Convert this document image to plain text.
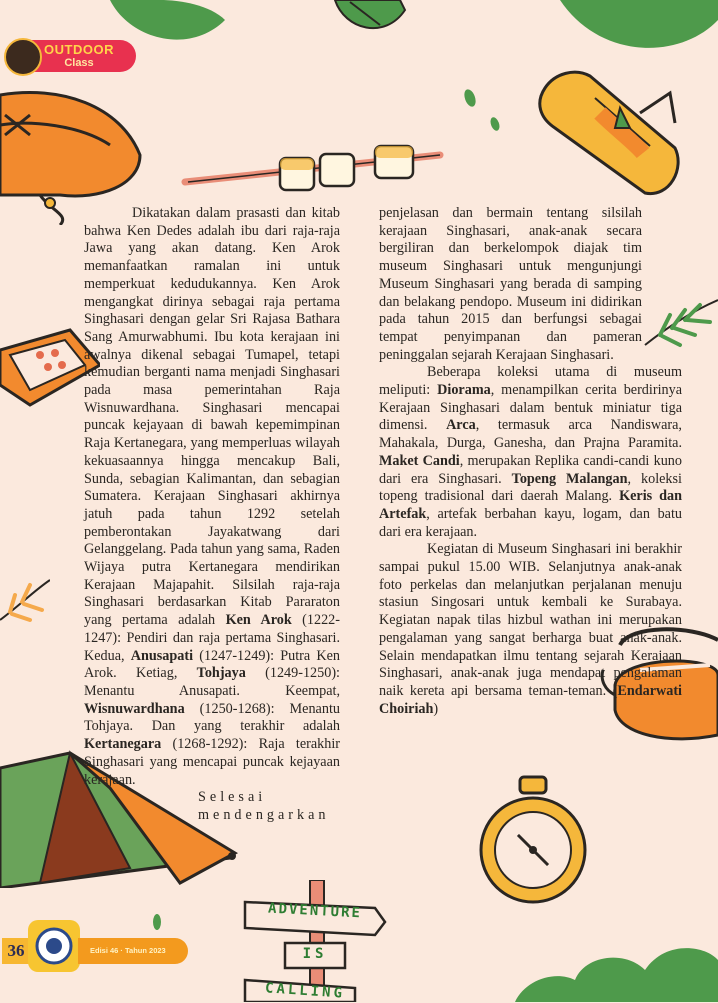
ADVENTURE
IS
CALLING
OUTDOOR
Class

Dikatakan dalam prasasti dan kitab bahwa Ken Dedes adalah ibu dari raja-raja Jawa yang akan datang. Ken Arok memanfaatkan ramalan ini untuk memperkuat kedudukannya. Ken Arok mengangkat dirinya sebagai raja pertama Singhasari dengan gelar Sri Rajasa Bathara Sang Amurwabhumi. Ibu kota kerajaan ini awalnya dikenal sebagai Tumapel, tetapi kemudian berganti nama menjadi Singhasari pada masa pemerintahan Raja Wisnuwardhana. Singhasari mencapai puncak kejayaan di bawah kepemimpinan Raja Kertanegara, yang memperluas wilayah kekuasaannya hingga mencakup Bali, Sunda, sebagian Kalimantan, dan sebagian Sumatera. Kerajaan Singhasari akhirnya jatuh pada tahun 1292 setelah pemberontakan Jayakatwang dari Gelanggelang. Pada tahun yang sama, Raden Wijaya putra Kertanegara mendirikan Kerajaan Majapahit. Silsilah raja-raja Singhasari berdasarkan Kitab Pararaton yang pertama adalah Ken Arok (1222-1247): Pendiri dan raja pertama Singhasari. Kedua, Anusapati (1247-1249): Putra Ken Arok. Ketiag, Tohjaya (1249-1250): Menantu Anusapati. Keempat, Wisnuwardhana (1250-1268): Menantu Tohjaya. Dan yang terakhir adalah Kertanegara (1268-1292): Raja terakhir Singhasari yang mencapai puncak kejayaan kerajaan.

Selesai mendengarkan

penjelasan dan bermain tentang silsilah kerajaan Singhasari, anak-anak secara bergiliran dan berkelompok diajak tim museum Singhasari untuk mengunjungi Museum Singhasari yang berada di samping dan belakang pendopo. Museum ini didirikan pada tahun 2015 dan berfungsi sebagai tempat penyimpanan dan pameran peninggalan sejarah Kerajaan Singhasari.

Beberapa koleksi utama di museum meliputi: Diorama, menampilkan cerita berdirinya Kerajaan Singhasari dalam bentuk miniatur tiga dimensi. Arca, termasuk arca Nandiswara, Mahakala, Durga, Ganesha, dan Prajna Paramita. Maket Candi, merupakan Replika candi-candi kuno dari era Singhasari. Topeng Malangan, koleksi topeng tradisional dari daerah Malang. Keris dan Artefak, artefak berbahan kayu, logam, dan batu dari era kerajaan.

Kegiatan di Museum Singhasari ini berakhir sampai pukul 15.00 WIB. Selanjutnya anak-anak foto perkelas dan melanjutkan perjalanan menuju stasiun Singosari untuk kembali ke Surabaya. Kegiatan napak tilas hizbul wathan ini merupakan pengalaman yang sangat berharga buat anak-anak. Selain mendapatkan ilmu tentang sejarah Kerajaan Singhasari, anak-anak juga mendapat pengalaman naik kereta api bersama teman-teman. (Endarwati Choiriah)

36	Edisi 46 · Tahun 2023
